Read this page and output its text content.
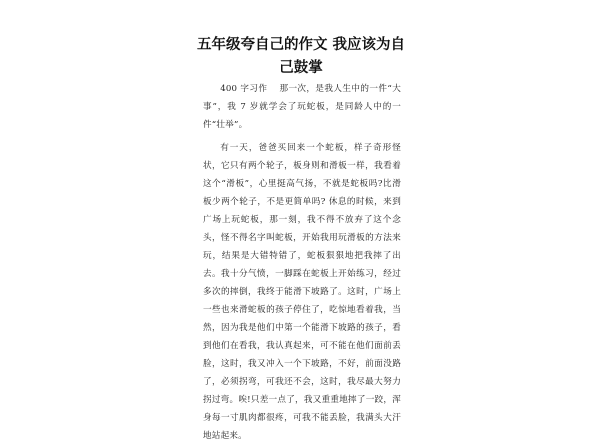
五年级夸自己的作文 我应该为自己鼓掌

400 字习作　 那一次，是我人生中的一件“大事”，我 7 岁就学会了玩蛇板，是同龄人中的一件“壮举”。

有一天，爸爸买回来一个蛇板，样子奇形怪状，它只有两个轮子，板身则和滑板一样，我看着这个“滑板”，心里挺高气扬，不就是蛇板吗?比滑板少两个轮子，不是更简单吗? 休息的时候，来到广场上玩蛇板，那一刻，我不得不放弃了这个念头，怪不得名字叫蛇板，开始我用玩滑板的方法来玩，结果是大错特错了，蛇板狠狠地把我摔了出去。我十分气愤，一脚踩在蛇板上开始练习，经过多次的摔倒，我终于能滑下坡路了。这时，广场上一些也来滑蛇板的孩子停住了，吃惊地看着我，当然，因为我是他们中第一个能滑下坡路的孩子，看到他们在看我，我认真起来，可不能在他们面前丢脸，这时，我又冲入一个下坡路，不好，前面没路了，必须拐弯，可我还不会，这时，我尽最大努力拐过弯。唉!只差一点了，我又重重地摔了一跤，浑身每一寸肌肉都很疼，可我不能丢脸，我满头大汗地站起来。
